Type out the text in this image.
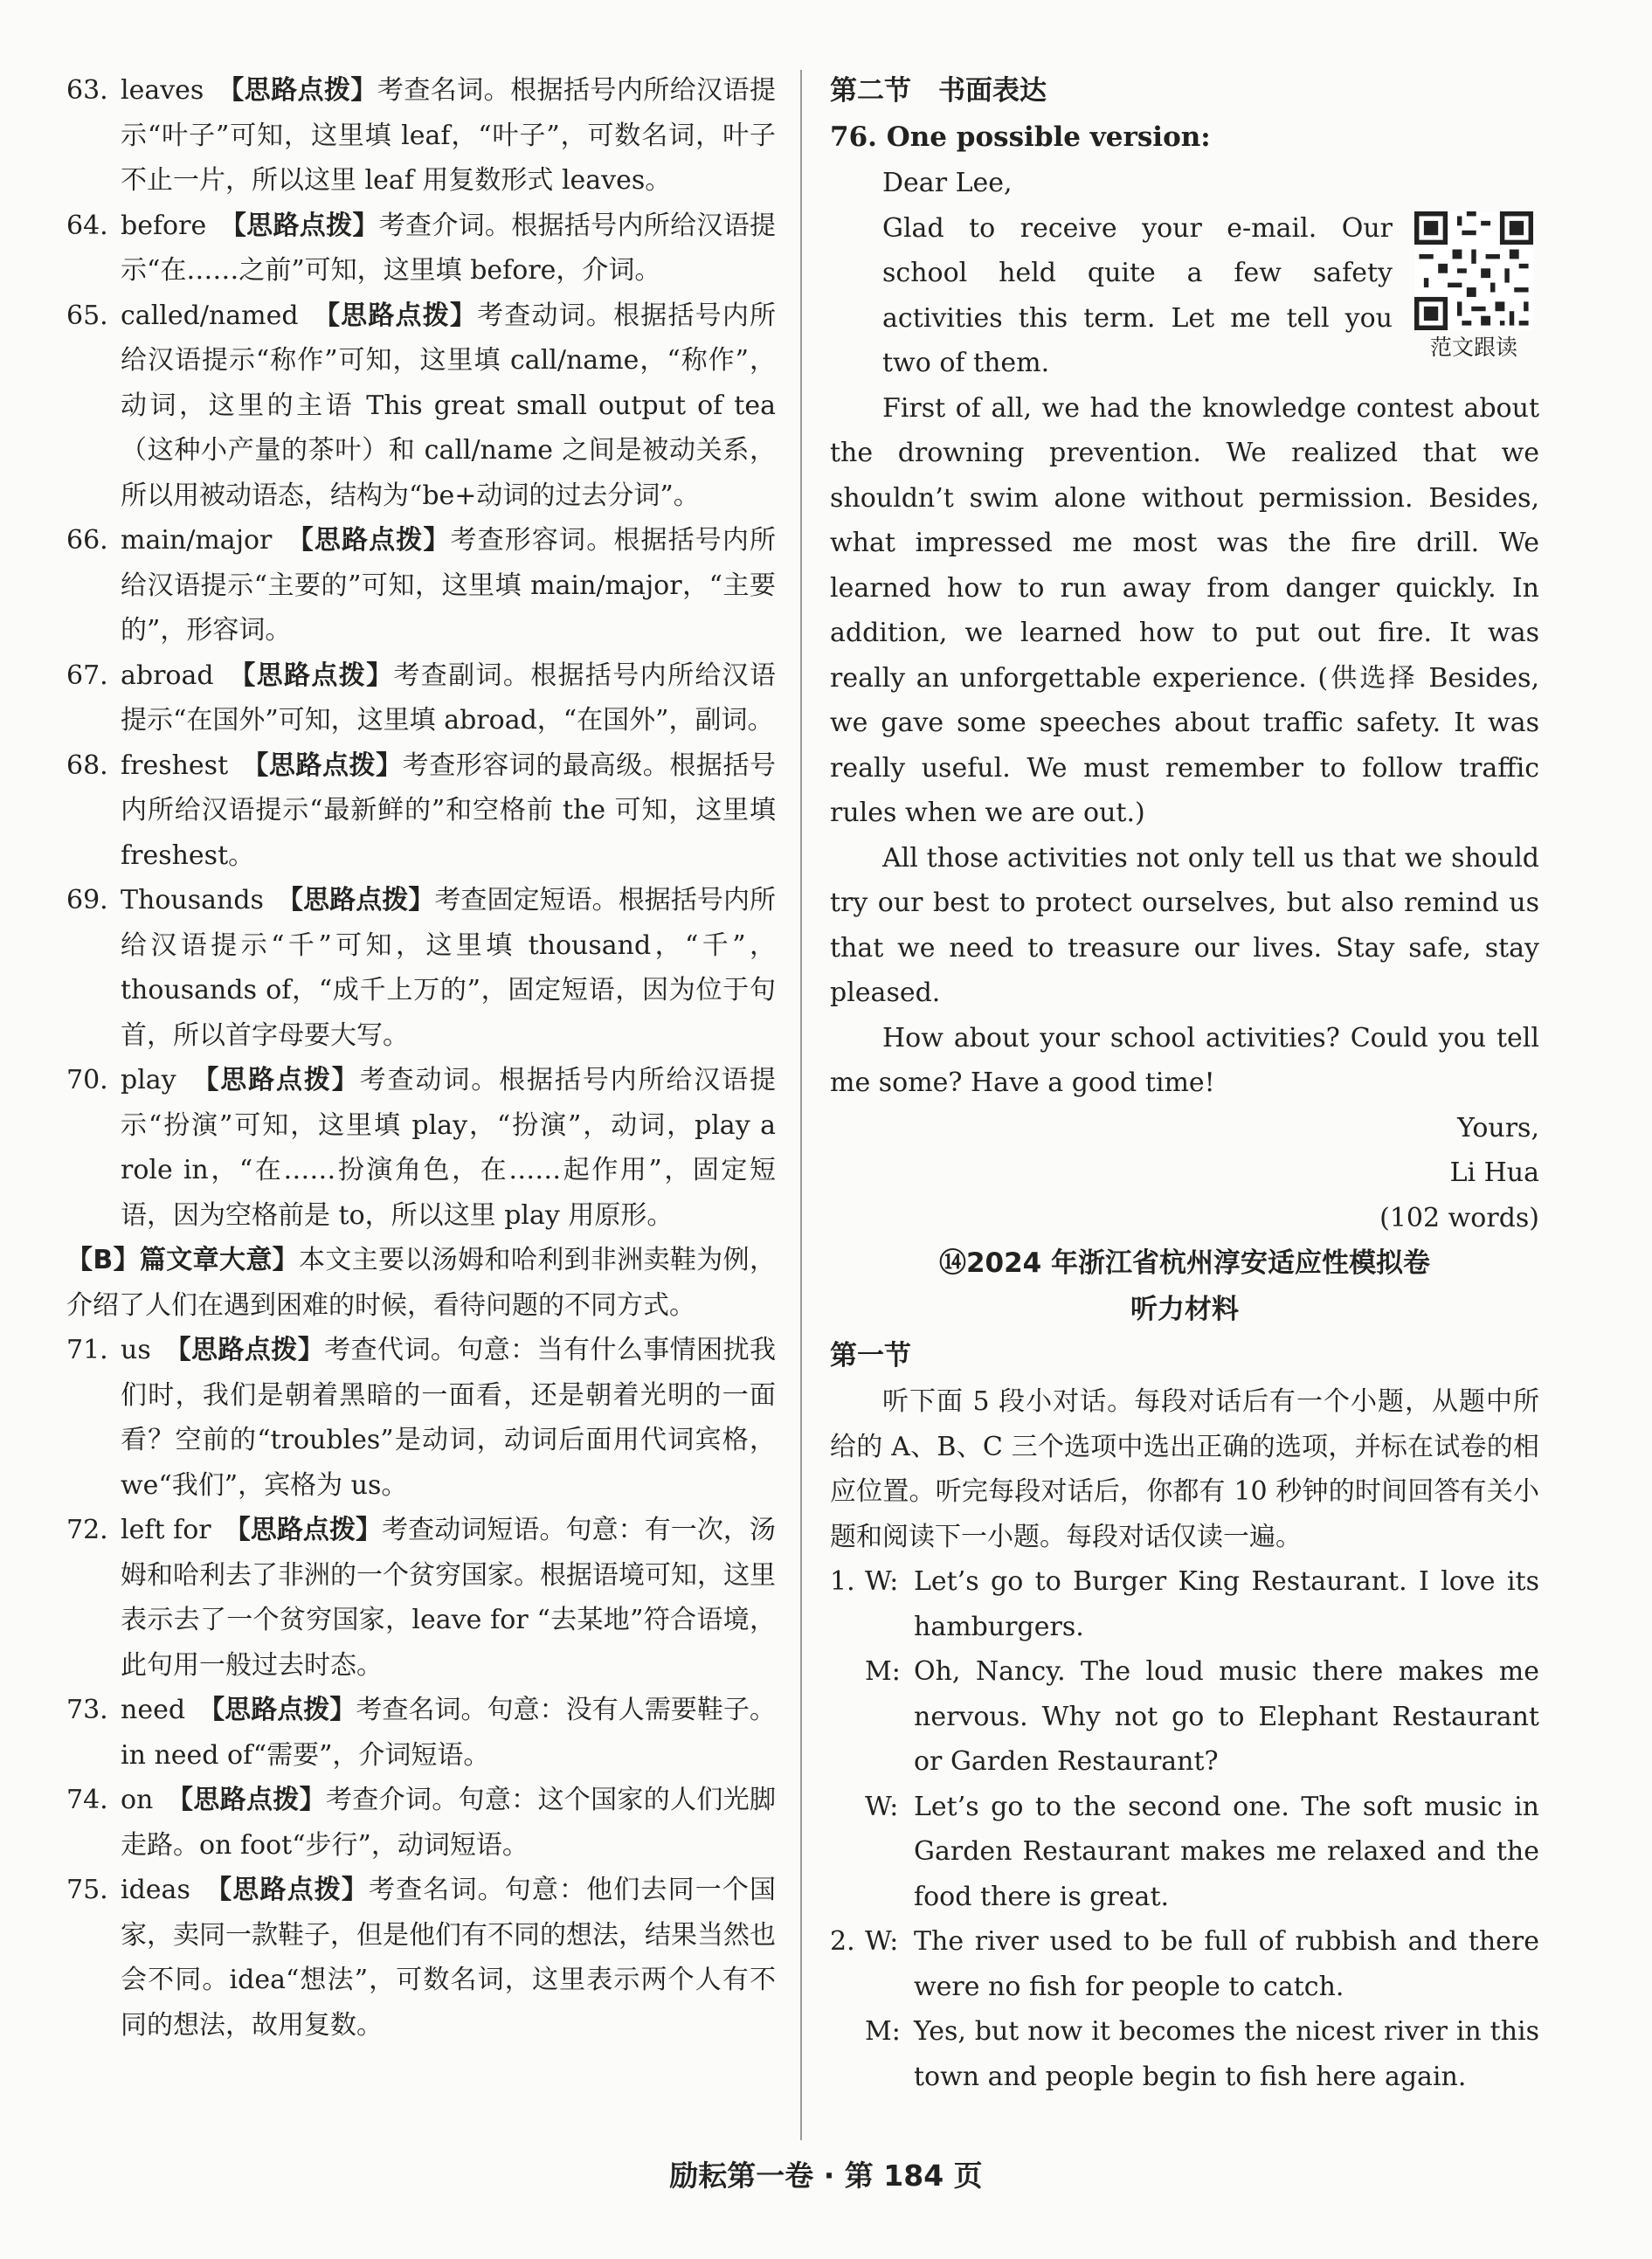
63. leaves　 【思路点拨】考查名词。根据括号内所给汉语提示“叶子”可知，这里填 leaf，“叶子”，可数名词，叶子不止一片，所以这里 leaf 用复数形式 leaves。
64. before　 【思路点拨】考查介词。根据括号内所给汉语提示“在……之前”可知，这里填 before，介词。
65. called/named　 【思路点拨】考查动词。根据括号内所给汉语提示“称作”可知，这里填 call/name，“称作”，动词，这里的主语 This great small output of tea（这种小产量的茶叶）和 call/name 之间是被动关系，所以用被动语态，结构为“be+动词的过去分词”。
66. main/major　 【思路点拨】考查形容词。根据括号内所给汉语提示“主要的”可知，这里填 main/major，“主要的”，形容词。
67. abroad　 【思路点拨】考查副词。根据括号内所给汉语提示“在国外”可知，这里填 abroad，“在国外”，副词。
68. freshest　 【思路点拨】考查形容词的最高级。根据括号内所给汉语提示“最新鲜的”和空格前 the 可知，这里填 freshest。
69. Thousands　 【思路点拨】考查固定短语。根据括号内所给汉语提示“千”可知，这里填 thousand，“千”，thousands of，“成千上万的”，固定短语，因为位于句首，所以首字母要大写。
70. play　 【思路点拨】考查动词。根据括号内所给汉语提示“扮演”可知，这里填 play，“扮演”，动词，play a role in，“在……扮演角色，在……起作用”，固定短语，因为空格前是 to，所以这里 play 用原形。

【B】篇文章大意】本文主要以汤姆和哈利到非洲卖鞋为例，介绍了人们在遇到困难的时候，看待问题的不同方式。

71. us　 【思路点拨】考查代词。句意：当有什么事情困扰我们时，我们是朝着黑暗的一面看，还是朝着光明的一面看？空前的“troubles”是动词，动词后面用代词宾格，we“我们”，宾格为 us。
72. left for　 【思路点拨】考查动词短语。句意：有一次，汤姆和哈利去了非洲的一个贫穷国家。根据语境可知，这里表示去了一个贫穷国家，leave for “去某地”符合语境，此句用一般过去时态。
73. need　 【思路点拨】考查名词。句意：没有人需要鞋子。in need of“需要”，介词短语。
74. on　 【思路点拨】考查介词。句意：这个国家的人们光脚走路。on foot“步行”，动词短语。
75. ideas　 【思路点拨】考查名词。句意：他们去同一个国家，卖同一款鞋子，但是他们有不同的想法，结果当然也会不同。idea“想法”，可数名词，这里表示两个人有不同的想法，故用复数。

第二节　书面表达

76. One possible version:

Dear Lee,

范文跟读

Glad to receive your e-mail. Our school held quite a few safety activities this term. Let me tell you two of them.

First of all, we had the knowledge contest about the drowning prevention. We realized that we shouldn’t swim alone without permission. Besides, what impressed me most was the fire drill. We learned how to run away from danger quickly. In addition, we learned how to put out fire. It was really an unforgettable experience. (供选择 Besides, we gave some speeches about traffic safety. It was really useful. We must remember to follow traffic rules when we are out.)

All those activities not only tell us that we should try our best to protect ourselves, but also remind us that we need to treasure our lives. Stay safe, stay pleased.

How about your school activities? Could you tell me some? Have a good time!

Yours,

Li Hua

(102 words)

⑭2024 年浙江省杭州淳安适应性模拟卷

听力材料

第一节

听下面 5 段小对话。每段对话后有一个小题，从题中所给的 A、B、C 三个选项中选出正确的选项，并标在试卷的相应位置。听完每段对话后，你都有 10 秒钟的时间回答有关小题和阅读下一小题。每段对话仅读一遍。

1. W: Let’s go to Burger King Restaurant. I love its hamburgers.
M: Oh, Nancy. The loud music there makes me nervous. Why not go to Elephant Restaurant or Garden Restaurant?
W: Let’s go to the second one. The soft music in Garden Restaurant makes me relaxed and the food there is great.
2. W: The river used to be full of rubbish and there were no fish for people to catch.
M: Yes, but now it becomes the nicest river in this town and people begin to fish here again.
励耘第一卷 · 第 184 页
